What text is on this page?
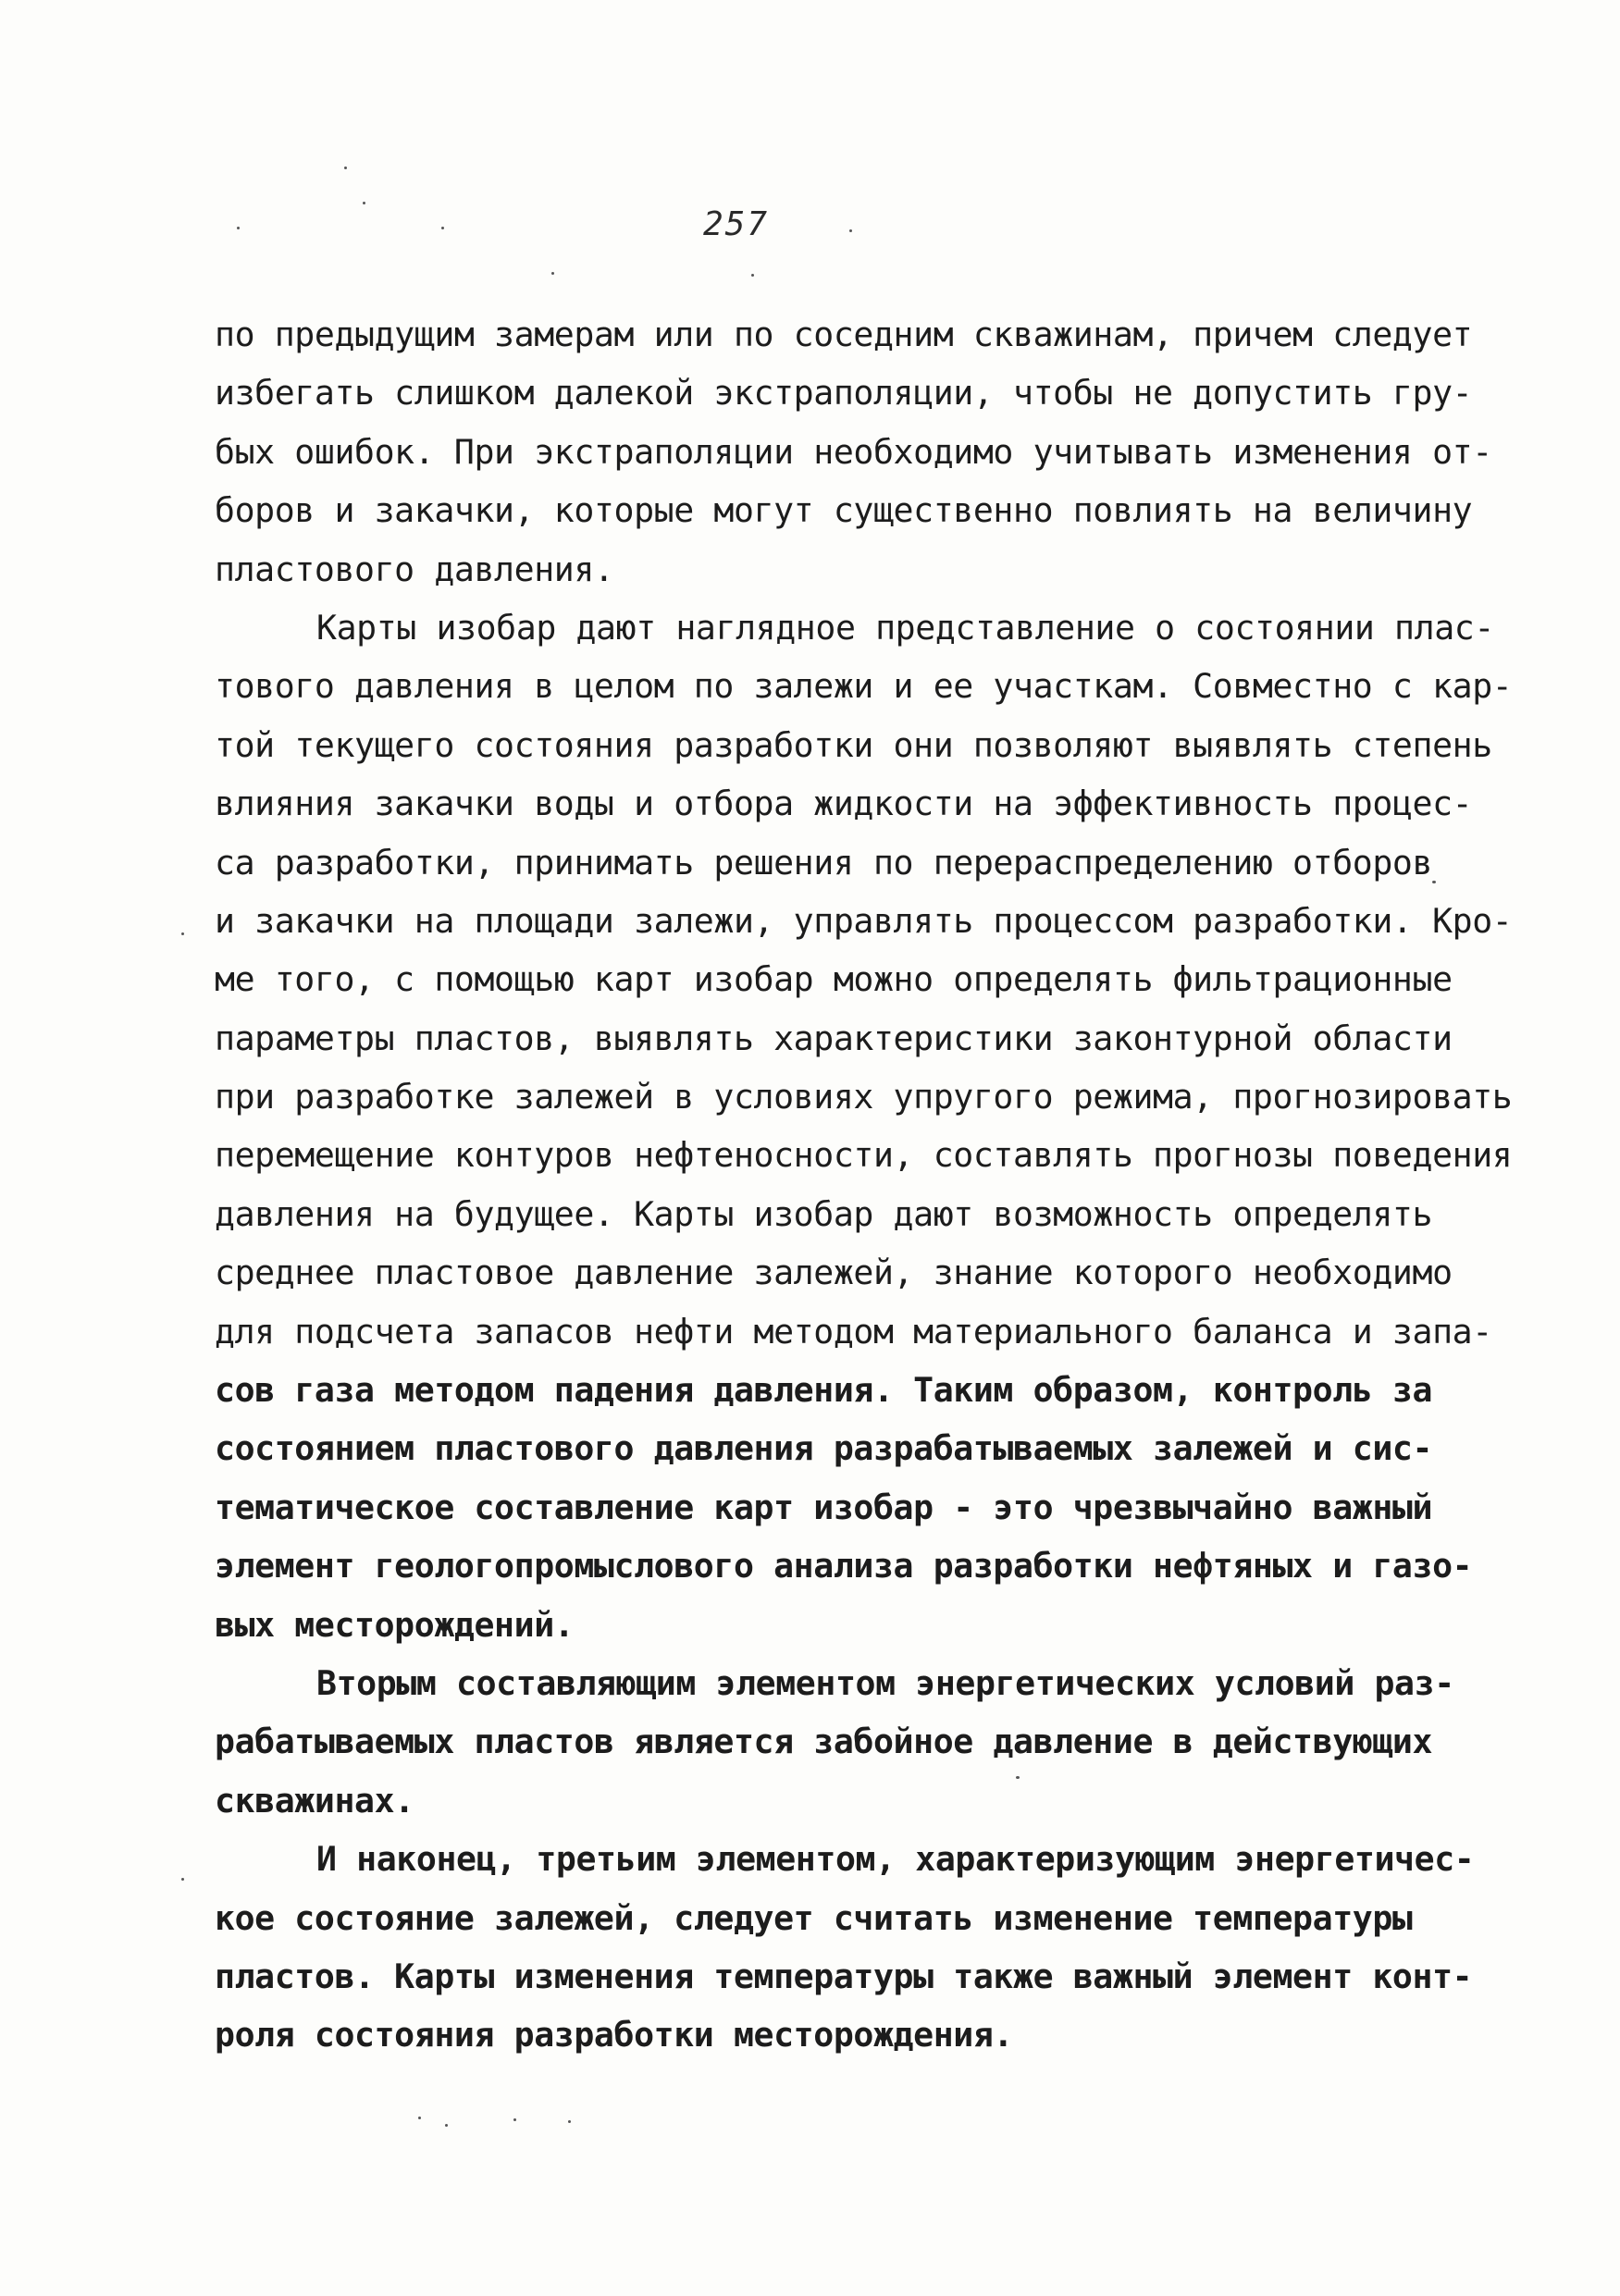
257
по предыдущим замерам или по соседним скважинам, причем следует
избегать слишком далекой экстраполяции, чтобы не допустить гру-
бых ошибок. При экстраполяции необходимо учитывать изменения от-
боров и закачки, которые могут существенно повлиять на величину
пластового давления.
Карты изобар дают наглядное представление о состоянии плас-
тового давления в целом по залежи и ее участкам. Совместно с кар-
той текущего состояния разработки они позволяют выявлять степень
влияния закачки воды и отбора жидкости на эффективность процес-
са разработки, принимать решения по перераспределению отборов
и закачки на площади залежи, управлять процессом разработки. Кро-
ме того, с помощью карт изобар можно определять фильтрационные
параметры пластов, выявлять характеристики законтурной области
при разработке залежей в условиях упругого режима, прогнозировать
перемещение контуров нефтеносности, составлять прогнозы поведения
давления на будущее. Карты изобар дают возможность определять
среднее пластовое давление залежей, знание которого необходимо
для подсчета запасов нефти методом материального баланса и запа-
сов газа методом падения давления. Таким образом, контроль за
состоянием пластового давления разрабатываемых залежей и сис-
тематическое составление карт изобар - это чрезвычайно важный
элемент геологопромыслового анализа разработки нефтяных и газо-
вых месторождений.
Вторым составляющим элементом энергетических условий раз-
рабатываемых пластов является забойное давление в действующих
скважинах.
И наконец, третьим элементом, характеризующим энергетичес-
кое состояние залежей, следует считать изменение температуры
пластов. Карты изменения температуры также важный элемент конт-
роля состояния разработки месторождения.
